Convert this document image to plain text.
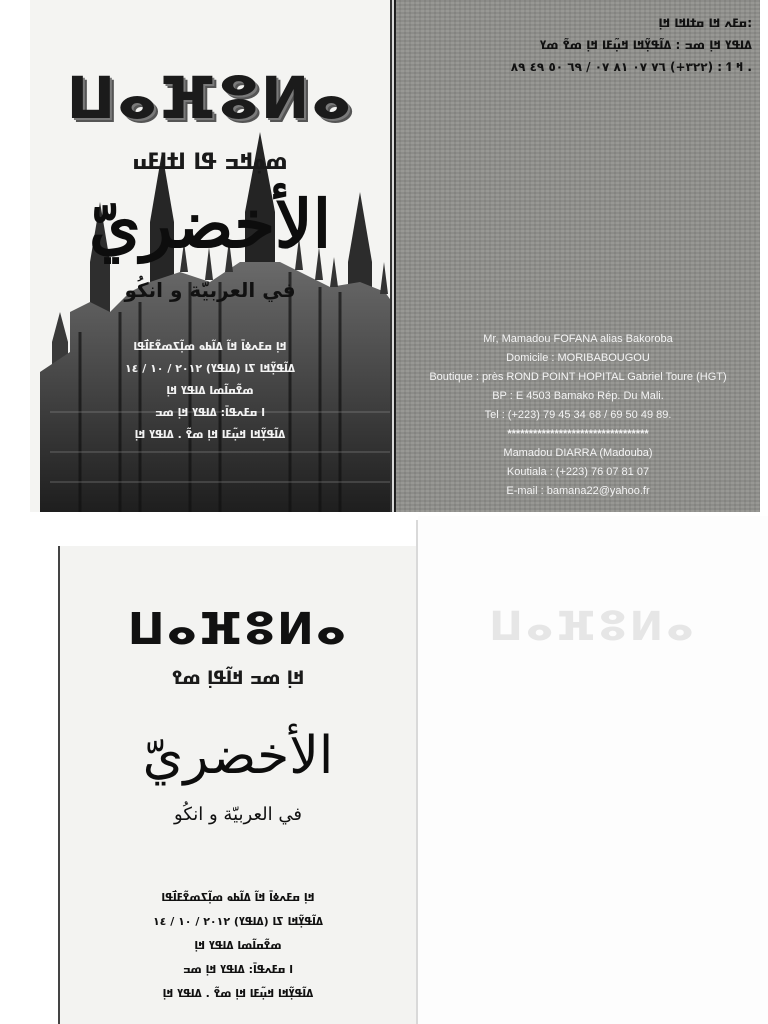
ⵡⴰⴼⵓⵍⴰ
ߘߋ߲ߞߏ ߟߊ ߊߙߊߓߎ
الأخضريّ
في العربيّة و انكُو
ߞߊ߲ ߛߓߍߦߊ߫ ߞߊ߬ ߡߊ߬ߕߋ ߘߊ߲߬ߖߘߐ߬ߓߊ߯ߟߊ
ߡߊ߬ߟߌ߲߬ߞߊ ߖߊ (ߡߊߟߌ) ٢٠١٢ / ١٠ / ١٤
ߘߐ߬ߛߊ߬ߘߊ ߡߊߟߌ ߞߊ߲
ߊ ߛߓߍߟߊ߫: ߡߊߟߌ ߞߊ߲ ߘߏ
ߡߊ߬ߟߌ߲߬ߞߊ ߞߎ߲߬ߓߊ ߞߊ߲ ߘߐ߬ . ߡߊߟߌ ߞߊ߲
ߛߓߍ ߞߊ ߛߙߊߞߊ ߞߊ߲:
ߡߊߟߌ ߞߊ߲ ߘߏ : ߡߊ߬ߟߌ߲߬ߞߊ ߞߎ߲߬ߓߊ ߞߊ߲ ߘߐ߬ ߘߌ
ߞ ߗ : (٣٢٢+) ٧٦ ٠٧ ٨١ ٠٧ / ٦٩ ٥٠ ٤٩ ٨٩ .
Mr, Mamadou FOFANA alias Bakoroba
Domicile : MORIBABOUGOU
Boutique : près ROND POINT HOPITAL Gabriel Toure (HGT)
BP : E 4503 Bamako Rép. Du Mali.
Tel : (+223) 79 45 34 68 / 69 50 49 89.
*********************************
Mamadou DIARRA (Madouba)
Koutiala : (+223) 76 07 81 07
E-mail : bamana22@yahoo.fr
ⵡⴰⴼⵓⵍⴰ
ߞߊ߲ ߘߏ ߞߊ߬ߟߊ߲ ߘߐ
الأخضريّ
في العربيّة و انكُو
ߞߊ߲ ߛߓߍߦߊ߫ ߞߊ߬ ߡߊ߬ߕߋ ߘߊ߲߬ߖߘߐ߬ߓߊ߯ߟߊ
ߡߊ߬ߟߌ߲߬ߞߊ ߖߊ (ߡߊߟߌ) ٢٠١٢ / ١٠ / ١٤
ߘߐ߬ߛߊ߬ߘߊ ߡߊߟߌ ߞߊ߲
ߊ ߛߓߍߟߊ߫: ߡߊߟߌ ߞߊ߲ ߘߏ
ߡߊ߬ߟߌ߲߬ߞߊ ߞߎ߲߬ߓߊ ߞߊ߲ ߘߐ߬ . ߡߊߟߌ ߞߊ߲
ⵡⴰⴼⵓⵍⴰ
